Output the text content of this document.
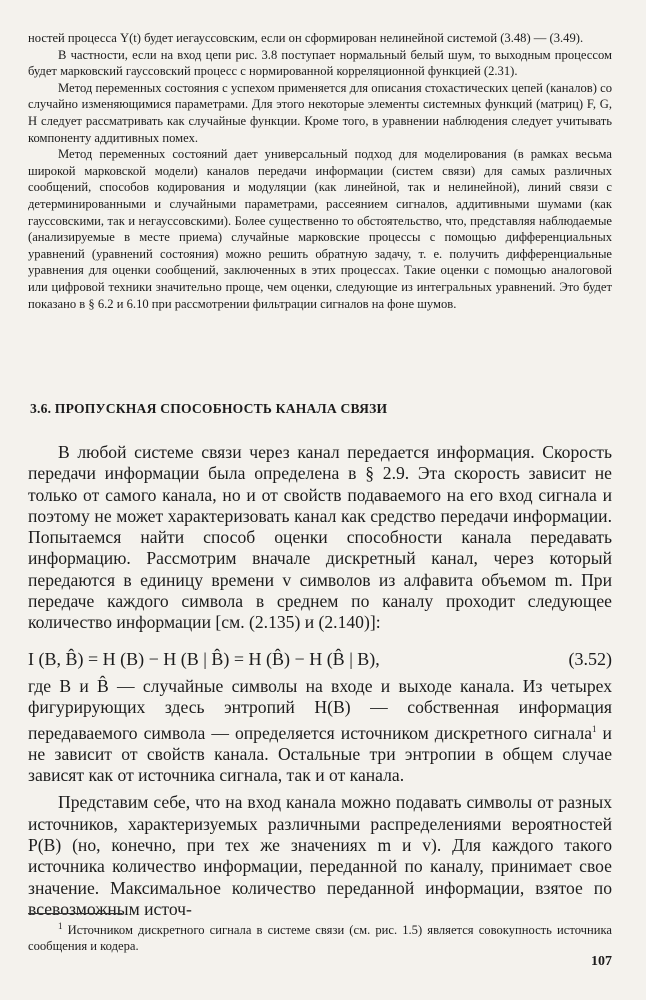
ностей процесса Y(t) будет иегауссовским, если он сформирован нелинейной системой (3.48) — (3.49).

В частности, если на вход цепи рис. 3.8 поступает нормальный белый шум, то выходным процессом будет марковский гауссовский процесс с нормированной корреляционной функцией (2.31).

Метод переменных состояния с успехом применяется для описания стохастических цепей (каналов) со случайно изменяющимися параметрами. Для этого некоторые элементы системных функций (матриц) F, G, H следует рассматривать как случайные функции. Кроме того, в уравнении наблюдения следует учитывать компоненту аддитивных помех.

Метод переменных состояний дает универсальный подход для моделирования (в рамках весьма широкой марковской модели) каналов передачи информации (систем связи) для самых различных сообщений, способов кодирования и модуляции (как линейной, так и нелинейной), линий связи с детерминированными и случайными параметрами, рассеянием сигналов, аддитивными шумами (как гауссовскими, так и негауссовскими). Более существенно то обстоятельство, что, представляя наблюдаемые (анализируемые в месте приема) случайные марковские процессы с помощью дифференциальных уравнений (уравнений состояния) можно решить обратную задачу, т. е. получить дифференциальные уравнения для оценки сообщений, заключенных в этих процессах. Такие оценки с помощью аналоговой или цифровой техники значительно проще, чем оценки, следующие из интегральных уравнений. Это будет показано в § 6.2 и 6.10 при рассмотрении фильтрации сигналов на фоне шумов.

3.6. ПРОПУСКНАЯ СПОСОБНОСТЬ КАНАЛА СВЯЗИ

В любой системе связи через канал передается информация. Скорость передачи информации была определена в § 2.9. Эта скорость зависит не только от самого канала, но и от свойств подаваемого на его вход сигнала и поэтому не может характеризовать канал как средство передачи информации. Попытаемся найти способ оценки способности канала передавать информацию. Рассмотрим вначале дискретный канал, через который передаются в единицу времени v символов из алфавита объемом m. При передаче каждого символа в среднем по каналу проходит следующее количество информации [см. (2.135) и (2.140)]:

I (B, B̂) = H (B) − H (B | B̂) = H (B̂) − H (B̂ | B),	(3.52)

где B и B̂ — случайные символы на входе и выходе канала. Из четырех фигурирующих здесь энтропий H(B) — собственная информация передаваемого символа — определяется источником дискретного сигнала$^1$ и не зависит от свойств канала. Остальные три энтропии в общем случае зависят как от источника сигнала, так и от канала.

Представим себе, что на вход канала можно подавать символы от разных источников, характеризуемых различными распределениями вероятностей P(B) (но, конечно, при тех же значениях m и v). Для каждого такого источника количество информации, переданной по каналу, принимает свое значение. Максимальное количество переданной информации, взятое по всевозможным источ-

$^1$ Источником дискретного сигнала в системе связи (см. рис. 1.5) является совокупность источника сообщения и кодера.

107
